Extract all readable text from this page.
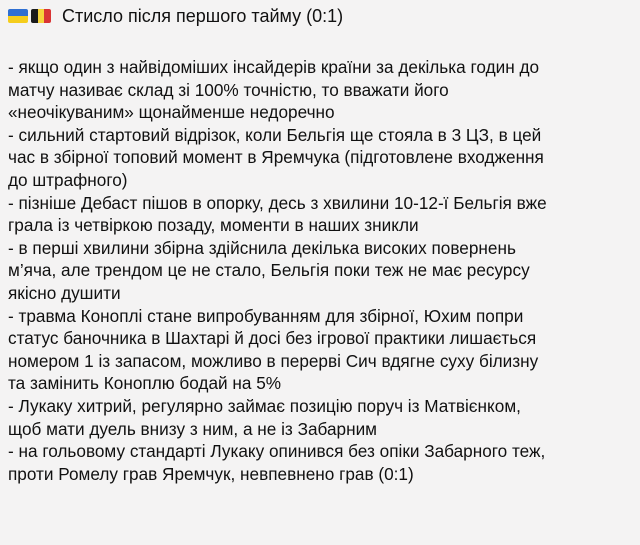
Стисло після першого тайму (0:1)
- якщо один з найвідоміших інсайдерів країни за декілька годин до
матчу називає склад зі 100% точністю, то вважати його
«неочікуваним» щонайменше недоречно
- сильний стартовий відрізок, коли Бельгія ще стояла в 3 ЦЗ, в цей
час в збірної топовий момент в Яремчука (підготовлене входження
до штрафного)
- пізніше Дебаст пішов в опорку, десь з хвилини 10-12-ї Бельгія вже
грала із четвіркою позаду, моменти в наших зникли
- в перші хвилини збірна здійснила декілька високих повернень
м’яча, але трендом це не стало, Бельгія поки теж не має ресурсу
якісно душити
- травма Коноплі стане випробуванням для збірної, Юхим попри
статус баночника в Шахтарі й досі без ігрової практики лишається
номером 1 із запасом, можливо в перерві Сич вдягне суху білизну
та замінить Коноплю бодай на 5%
- Лукаку хитрий, регулярно займає позицію поруч із Матвієнком,
щоб мати дуель внизу з ним, а не із Забарним
- на гольовому стандарті Лукаку опинився без опіки Забарного теж,
проти Ромелу грав Яремчук, невпевнено грав (0:1)
